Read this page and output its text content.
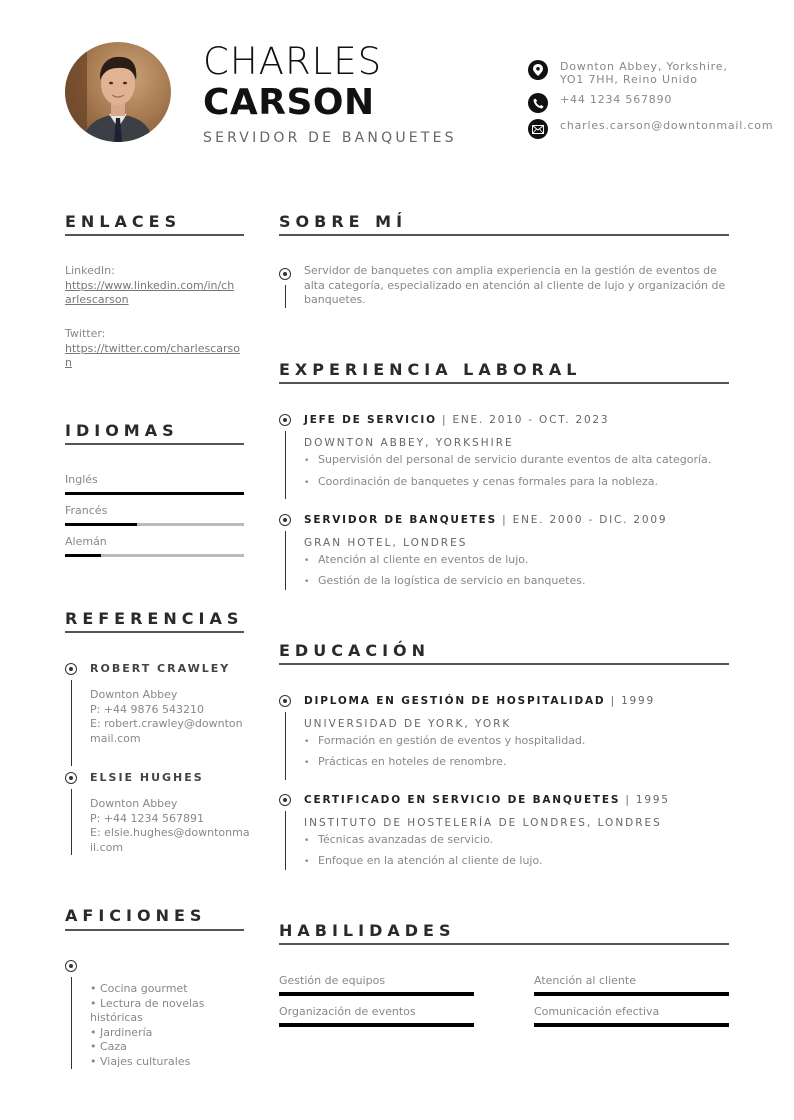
CHARLES
CARSON
SERVIDOR DE BANQUETES
Downton Abbey, Yorkshire, YO1 7HH, Reino Unido
+44 1234 567890
charles.carson@downtonmail.com
ENLACES
LinkedIn:
https://www.linkedin.com/in/ch
arlescarson
Twitter:
https://twitter.com/charlescarso
n
IDIOMAS
Inglés
Francés
Alemán
REFERENCIAS
ROBERT CRAWLEY
Downton Abbey
P: +44 9876 543210
E: robert.crawley@downton
mail.com
ELSIE HUGHES
Downton Abbey
P: +44 1234 567891
E: elsie.hughes@downtonma
il.com
AFICIONES
• Cocina gourmet
• Lectura de novelas
históricas
• Jardinería
• Caza
• Viajes culturales
SOBRE MÍ
Servidor de banquetes con amplia experiencia en la gestión de eventos de
alta categoría, especializado en atención al cliente de lujo y organización de
banquetes.
EXPERIENCIA LABORAL
JEFE DE SERVICIO | ENE. 2010 - OCT. 2023
DOWNTON ABBEY, YORKSHIRE
• Supervisión del personal de servicio durante eventos de alta categoría.
• Coordinación de banquetes y cenas formales para la nobleza.
SERVIDOR DE BANQUETES | ENE. 2000 - DIC. 2009
GRAN HOTEL, LONDRES
• Atención al cliente en eventos de lujo.
• Gestión de la logística de servicio en banquetes.
EDUCACIÓN
DIPLOMA EN GESTIÓN DE HOSPITALIDAD | 1999
UNIVERSIDAD DE YORK, YORK
• Formación en gestión de eventos y hospitalidad.
• Prácticas en hoteles de renombre.
CERTIFICADO EN SERVICIO DE BANQUETES | 1995
INSTITUTO DE HOSTELERÍA DE LONDRES, LONDRES
• Técnicas avanzadas de servicio.
• Enfoque en la atención al cliente de lujo.
HABILIDADES
Gestión de equipos	Atención al cliente
Organización de eventos	Comunicación efectiva
